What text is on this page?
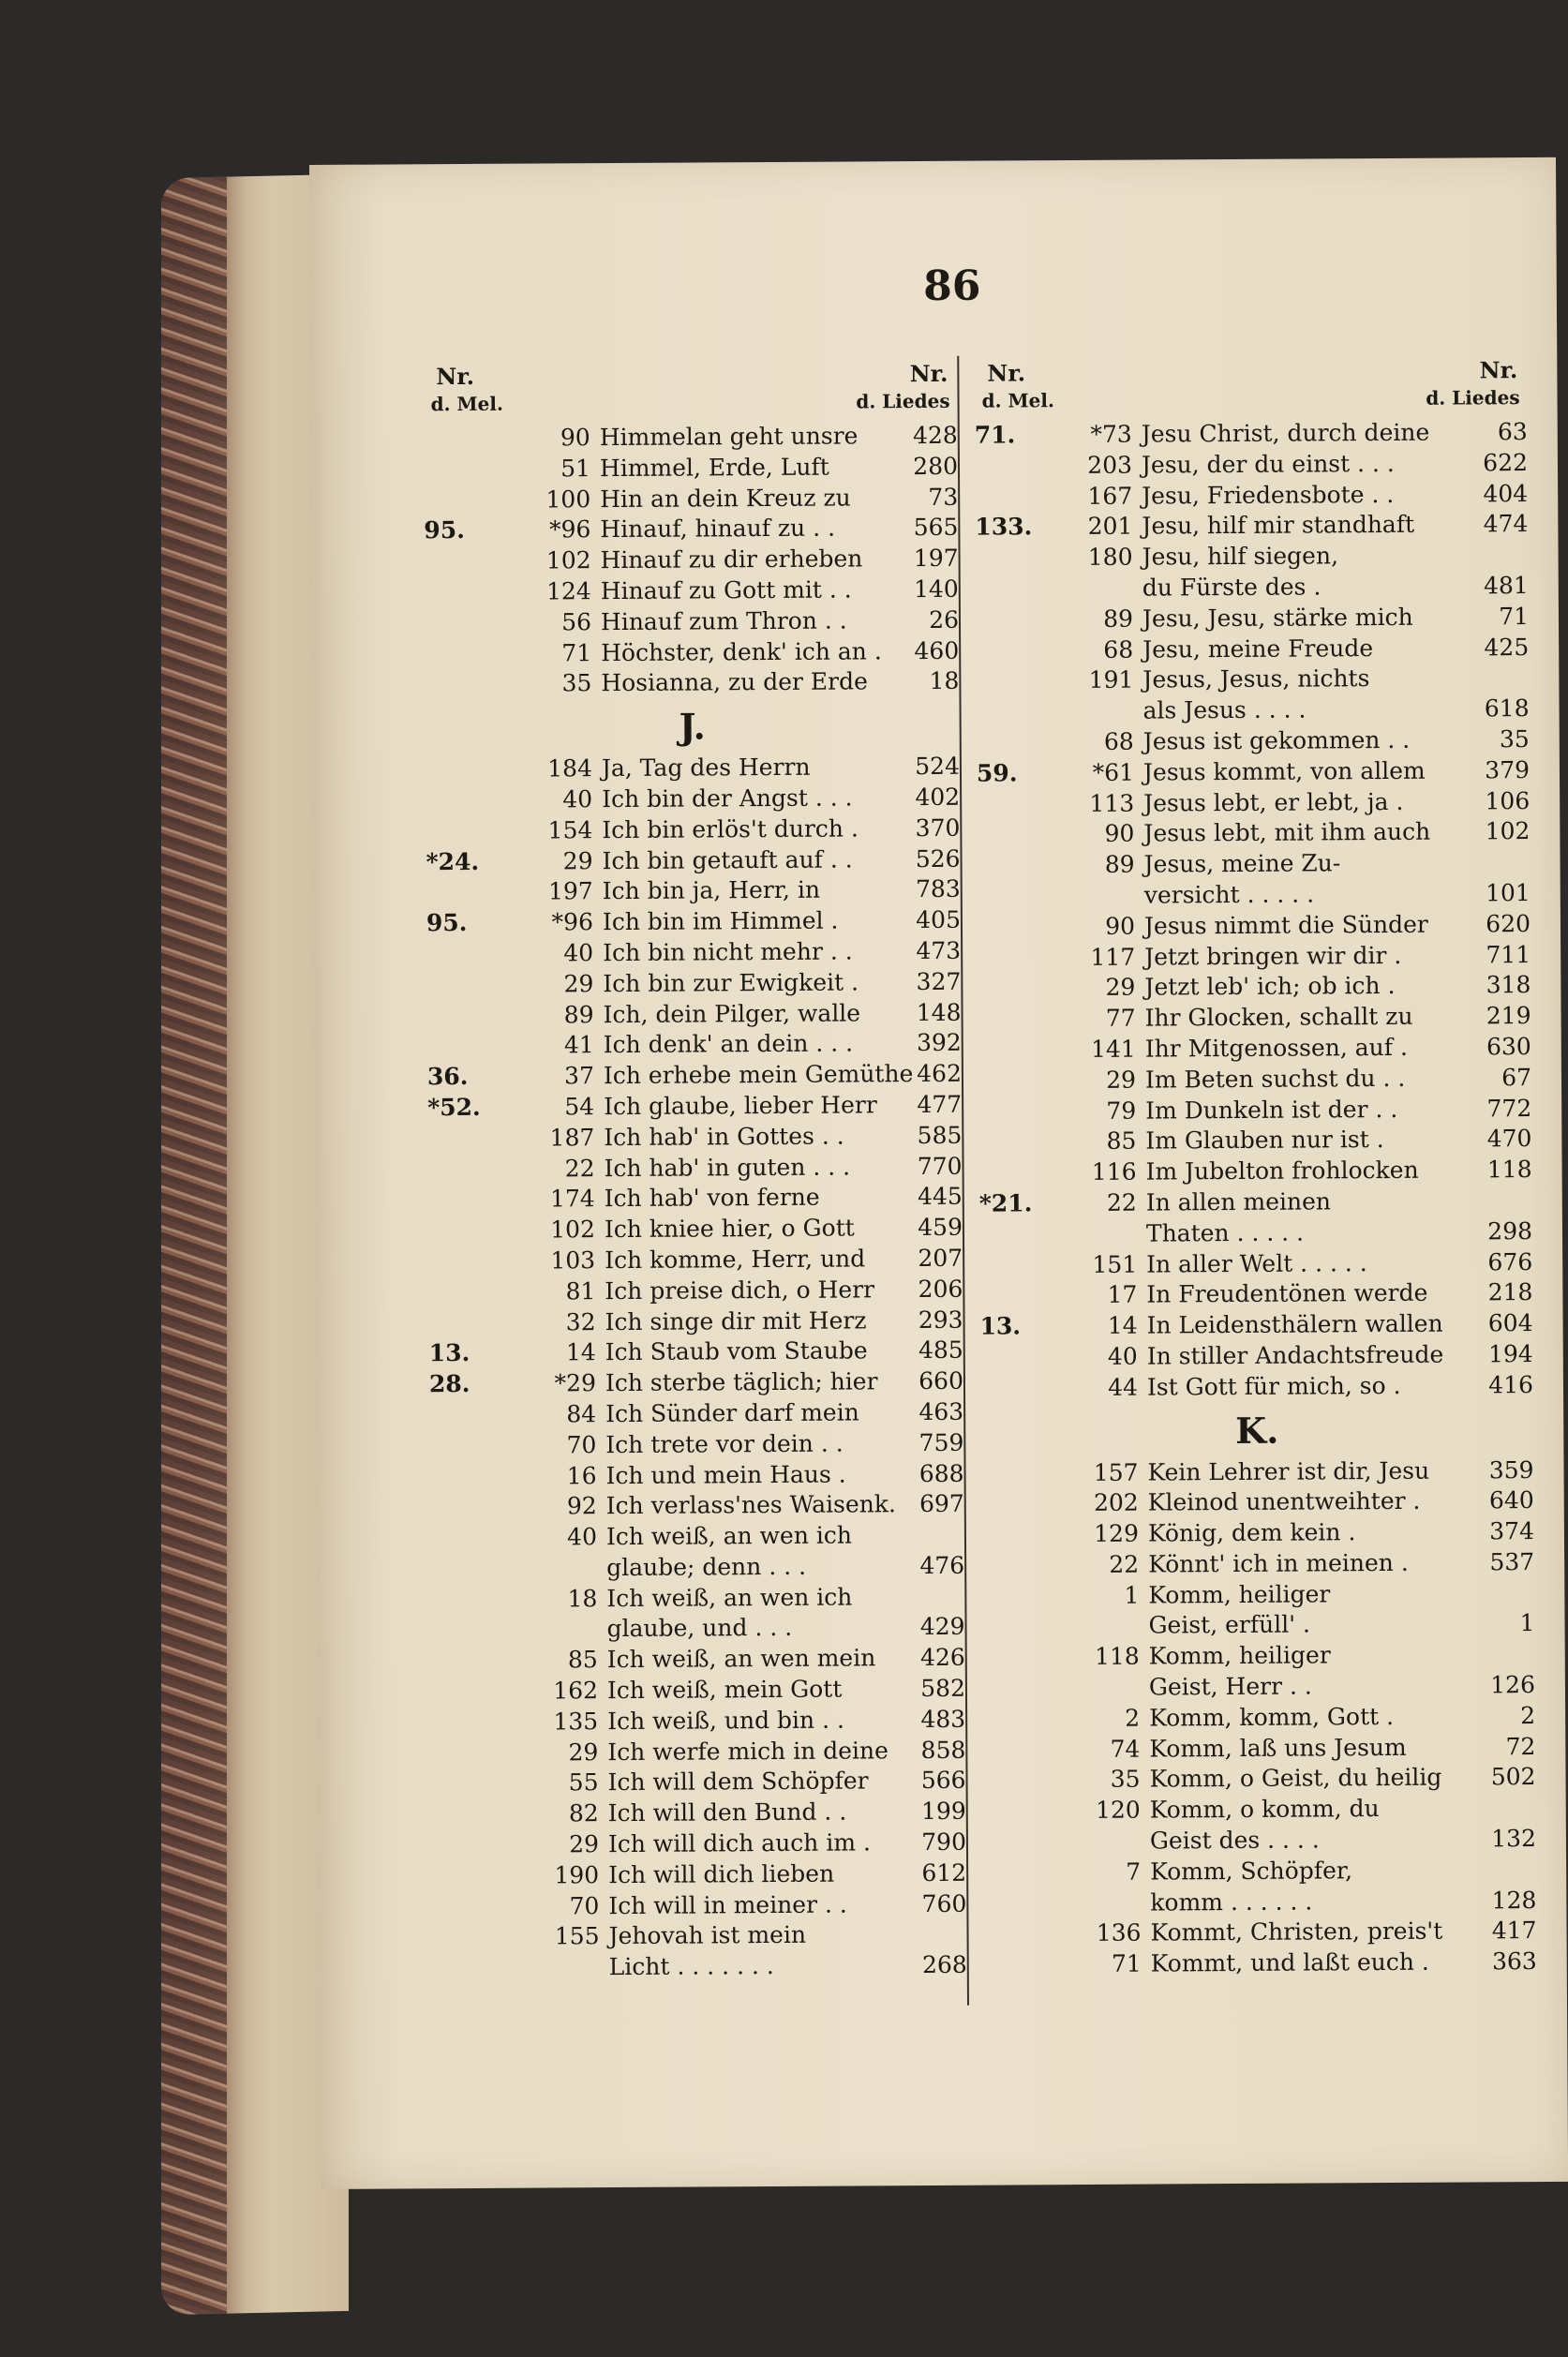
86
Nr.
d. Mel.
Nr.
d. Liedes
90 Himmelan geht unsre 428
51 Himmel, Erde, Luft	280
100 Hin an dein Kreuz zu	73
95.	*96 Hinauf, hinauf zu . .	565
102 Hinauf zu dir erheben 197
124 Hinauf zu Gott mit . .	140
56 Hinauf zum Thron . .	26
71 Höchster, denk' ich an . 460
35 Hosianna, zu der Erde	18
J.
184 Ja, Tag des Herrn	524
40 Ich bin der Angst . . .	402
154 Ich bin erlös't durch . 370
*24.	29 Ich bin getauft auf . .	526
197 Ich bin ja, Herr, in	783
95.	*96 Ich bin im Himmel .	405
40 Ich bin nicht mehr . .	473
29 Ich bin zur Ewigkeit . 327
89 Ich, dein Pilger, walle 148
41 Ich denk' an dein . . .	392
36.	37 Ich erhebe mein Gemüthe 462
*52.	54 Ich glaube, lieber Herr 477
187 Ich hab' in Gottes . .	585
22 Ich hab' in guten . . .	770
174 Ich hab' von ferne	445
102 Ich kniee hier, o Gott	459
103 Ich komme, Herr, und 207
81 Ich preise dich, o Herr 206
32 Ich singe dir mit Herz 293
13.	14 Ich Staub vom Staube 485
28.	*29 Ich sterbe täglich; hier 660
84 Ich Sünder darf mein	463
70 Ich trete vor dein . .	759
16 Ich und mein Haus .	688
92 Ich verlass'nes Waisenk. 697
40 Ich weiß, an wen ich
glaube; denn . . .	476
18 Ich weiß, an wen ich
glaube, und . . .	429
85 Ich weiß, an wen mein 426
162 Ich weiß, mein Gott	582
135 Ich weiß, und bin . .	483
29 Ich werfe mich in deine 858
55 Ich will dem Schöpfer 566
82 Ich will den Bund . .	199
29 Ich will dich auch im . 790
190 Ich will dich lieben	612
70 Ich will in meiner . .	760
155 Jehovah ist mein
Licht . . . . . . .	268
Nr.
d. Mel.
Nr.
d. Liedes
71.	*73 Jesu Christ, durch deine	63
203 Jesu, der du einst . . .	622
167 Jesu, Friedensbote . .	404
133.	201 Jesu, hilf mir standhaft	474
180 Jesu, hilf siegen,
du Fürste des .	481
89 Jesu, Jesu, stärke mich	71
68 Jesu, meine Freude	425
191 Jesus, Jesus, nichts
als Jesus . . . .	618
68 Jesus ist gekommen . .	35
59.	*61 Jesus kommt, von allem	379
113 Jesus lebt, er lebt, ja .	106
90 Jesus lebt, mit ihm auch 102
89 Jesus, meine Zu-
versicht . . . . .	101
90 Jesus nimmt die Sünder 620
117 Jetzt bringen wir dir .	711
29 Jetzt leb' ich; ob ich .	318
77 Ihr Glocken, schallt zu	219
141 Ihr Mitgenossen, auf .	630
29 Im Beten suchst du . .	67
79 Im Dunkeln ist der . .	772
85 Im Glauben nur ist .	470
116 Im Jubelton frohlocken	118
*21.	22 In allen meinen
Thaten . . . . .	298
151 In aller Welt . . . . .	676
17 In Freudentönen werde	218
13.	14 In Leidensthälern wallen 604
40 In stiller Andachtsfreude 194
44 Ist Gott für mich, so .	416
K.
157 Kein Lehrer ist dir, Jesu	359
202 Kleinod unentweihter .	640
129 König, dem kein .	374
22 Könnt' ich in meinen .	537
1 Komm, heiliger
Geist, erfüll' .	1
118 Komm, heiliger
Geist, Herr . .	126
2 Komm, komm, Gott .	2
74 Komm, laß uns Jesum	72
35 Komm, o Geist, du heilig 502
120 Komm, o komm, du
Geist des . . . .	132
7 Komm, Schöpfer,
komm . . . . . .	128
136 Kommt, Christen, preis't 417
71 Kommt, und laßt euch .	363
